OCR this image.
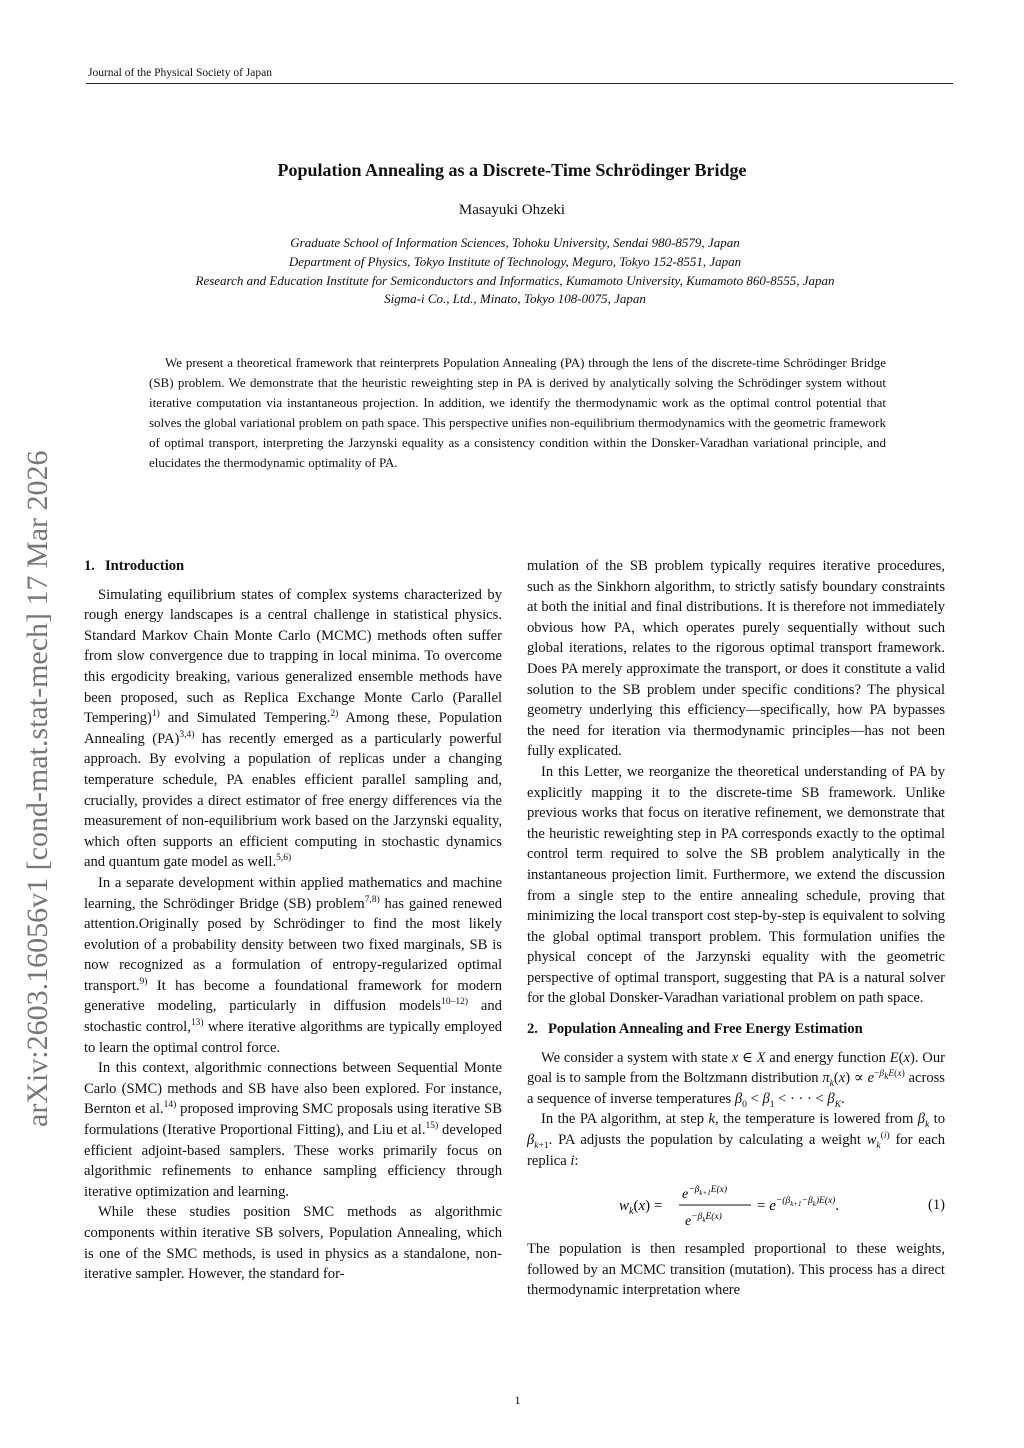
Journal of the Physical Society of Japan
Population Annealing as a Discrete-Time Schrödinger Bridge
Masayuki Ohzeki
Graduate School of Information Sciences, Tohoku University, Sendai 980-8579, Japan
Department of Physics, Tokyo Institute of Technology, Meguro, Tokyo 152-8551, Japan
Research and Education Institute for Semiconductors and Informatics, Kumamoto University, Kumamoto 860-8555, Japan
Sigma-i Co., Ltd., Minato, Tokyo 108-0075, Japan

We present a theoretical framework that reinterprets Population Annealing (PA) through the lens of the discrete-time Schrödinger Bridge (SB) problem. We demonstrate that the heuristic reweighting step in PA is derived by analytically solving the Schrödinger system without iterative computation via instantaneous projection. In addition, we identify the thermodynamic work as the optimal control potential that solves the global variational problem on path space. This perspective unifies non-equilibrium thermodynamics with the geometric framework of optimal transport, interpreting the Jarzynski equality as a consistency condition within the Donsker-Varadhan variational principle, and elucidates the thermodynamic optimality of PA.

arXiv:2603.16056v1 [cond-mat.stat-mech] 17 Mar 2026 1. Introduction

Simulating equilibrium states of complex systems characterized by rough energy landscapes is a central challenge in statistical physics. Standard Markov Chain Monte Carlo (MCMC) methods often suffer from slow convergence due to trapping in local minima. To overcome this ergodicity breaking, various generalized ensemble methods have been proposed, such as Replica Exchange Monte Carlo (Parallel Tempering)$^{1)}$ and Simulated Tempering.$^{2)}$ Among these, Population Annealing (PA)$^{3,4)}$ has recently emerged as a particularly powerful approach. By evolving a population of replicas under a changing temperature schedule, PA enables efficient parallel sampling and, crucially, provides a direct estimator of free energy differences via the measurement of non-equilibrium work based on the Jarzynski equality, which often supports an efficient computing in stochastic dynamics and quantum gate model as well.$^{5,6)}$

In a separate development within applied mathematics and machine learning, the Schrödinger Bridge (SB) problem$^{7,8)}$ has gained renewed attention.Originally posed by Schrödinger to find the most likely evolution of a probability density between two fixed marginals, SB is now recognized as a formulation of entropy-regularized optimal transport.$^{9)}$ It has become a foundational framework for modern generative modeling, particularly in diffusion models$^{10-12)}$ and stochastic control,$^{13)}$ where iterative algorithms are typically employed to learn the optimal control force.

In this context, algorithmic connections between Sequential Monte Carlo (SMC) methods and SB have also been explored. For instance, Bernton et al.$^{14)}$ proposed improving SMC proposals using iterative SB formulations (Iterative Proportional Fitting), and Liu et al.$^{15)}$ developed efficient adjoint-based samplers. These works primarily focus on algorithmic refinements to enhance sampling efficiency through iterative optimization and learning.

While these studies position SMC methods as algorithmic components within iterative SB solvers, Population Annealing, which is one of the SMC methods, is used in physics as a standalone, non-iterative sampler. However, the standard for-

mulation of the SB problem typically requires iterative procedures, such as the Sinkhorn algorithm, to strictly satisfy boundary constraints at both the initial and final distributions. It is therefore not immediately obvious how PA, which operates purely sequentially without such global iterations, relates to the rigorous optimal transport framework. Does PA merely approximate the transport, or does it constitute a valid solution to the SB problem under specific conditions? The physical geometry underlying this efficiency—specifically, how PA bypasses the need for iteration via thermodynamic principles—has not been fully explicated.

In this Letter, we reorganize the theoretical understanding of PA by explicitly mapping it to the discrete-time SB framework. Unlike previous works that focus on iterative refinement, we demonstrate that the heuristic reweighting step in PA corresponds exactly to the optimal control term required to solve the SB problem analytically in the instantaneous projection limit. Furthermore, we extend the discussion from a single step to the entire annealing schedule, proving that minimizing the local transport cost step-by-step is equivalent to solving the global optimal transport problem. This formulation unifies the physical concept of the Jarzynski equality with the geometric perspective of optimal transport, suggesting that PA is a natural solver for the global Donsker-Varadhan variational problem on path space.

2. Population Annealing and Free Energy Estimation

We consider a system with state x ∈ X and energy function E(x). Our goal is to sample from the Boltzmann distribution $\pi_k(x) \propto e^{-\beta_kE(x)}$ across a sequence of inverse temperatures $\beta_0 < \beta_1$ < · · · < $\beta_K$.

In the PA algorithm, at step k, the temperature is lowered from $\beta_k$ to $\beta_{k+1}$. PA adjusts the population by calculating a weight $w_k^{(i)}$ for each replica i:

$w_k(x)$ =
$e^{-\beta}_{k+1}^{E(x)}$
$e^{-\beta}_k^{E(x)}$
= $e^{-(\beta}_{k+1}^{-\beta}_k^{)E(x)}$.	(1)

The population is then resampled proportional to these weights, followed by an MCMC transition (mutation). This process has a direct thermodynamic interpretation where

1
